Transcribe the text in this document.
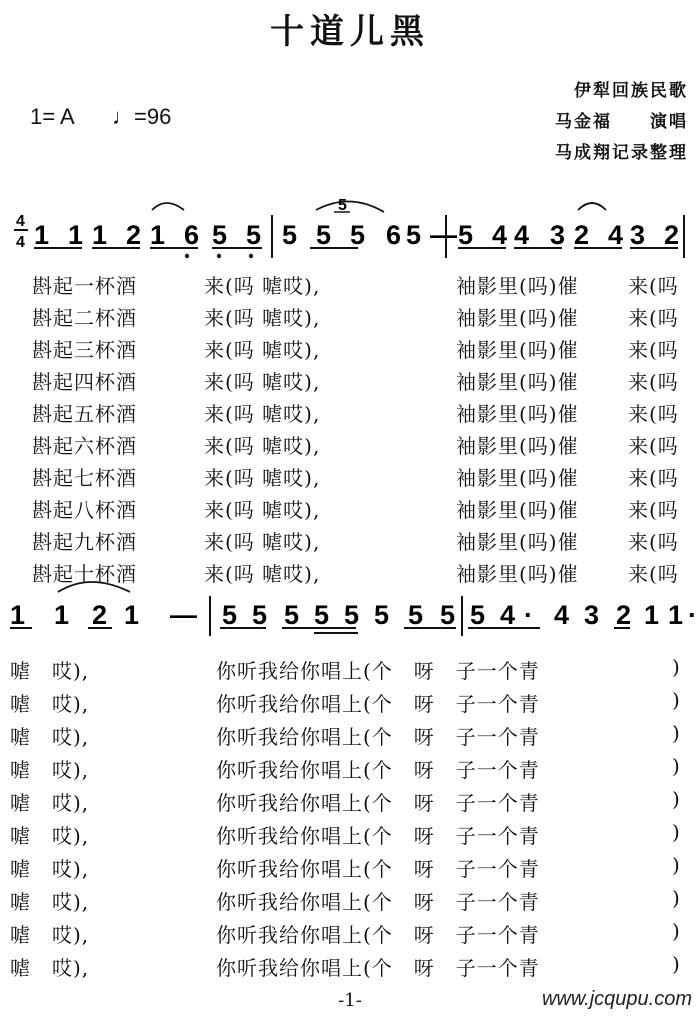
十道儿黑
1= A ♩=96
伊犁回族民歌
马金福　　演唱
马成翔记录整理
4
4 1 1 1 2 1 6 5 5 5 5 5 6 5 — 5 4 4 3 2 4 3 2
5
1 1 2 1 — 5 5 5 5 5 5 5 5 5 4 · 4 3 2 1 1 ·
斟起一杯酒	来(吗 㖸哎),	袖影里(吗)催 来(吗
斟起二杯酒	来(吗 㖸哎),	袖影里(吗)催 来(吗
斟起三杯酒	来(吗 㖸哎),	袖影里(吗)催 来(吗
斟起四杯酒	来(吗 㖸哎),	袖影里(吗)催 来(吗
斟起五杯酒	来(吗 㖸哎),	袖影里(吗)催 来(吗
斟起六杯酒	来(吗 㖸哎),	袖影里(吗)催 来(吗
斟起七杯酒	来(吗 㖸哎),	袖影里(吗)催 来(吗
斟起八杯酒	来(吗 㖸哎),	袖影里(吗)催 来(吗
斟起九杯酒	来(吗 㖸哎),	袖影里(吗)催 来(吗
斟起十杯酒	来(吗 㖸哎),	袖影里(吗)催 来(吗
㖸　哎),	你听我给你唱上(个　呀　子一个青	)
㖸　哎),	你听我给你唱上(个　呀　子一个青	)
㖸　哎),	你听我给你唱上(个　呀　子一个青	)
㖸　哎),	你听我给你唱上(个　呀　子一个青	)
㖸　哎),	你听我给你唱上(个　呀　子一个青	)
㖸　哎),	你听我给你唱上(个　呀　子一个青	)
㖸　哎),	你听我给你唱上(个　呀　子一个青	)
㖸　哎),	你听我给你唱上(个　呀　子一个青	)
㖸　哎),	你听我给你唱上(个　呀　子一个青	)
㖸　哎),	你听我给你唱上(个　呀　子一个青	)
-1-	www.jcqupu.com
